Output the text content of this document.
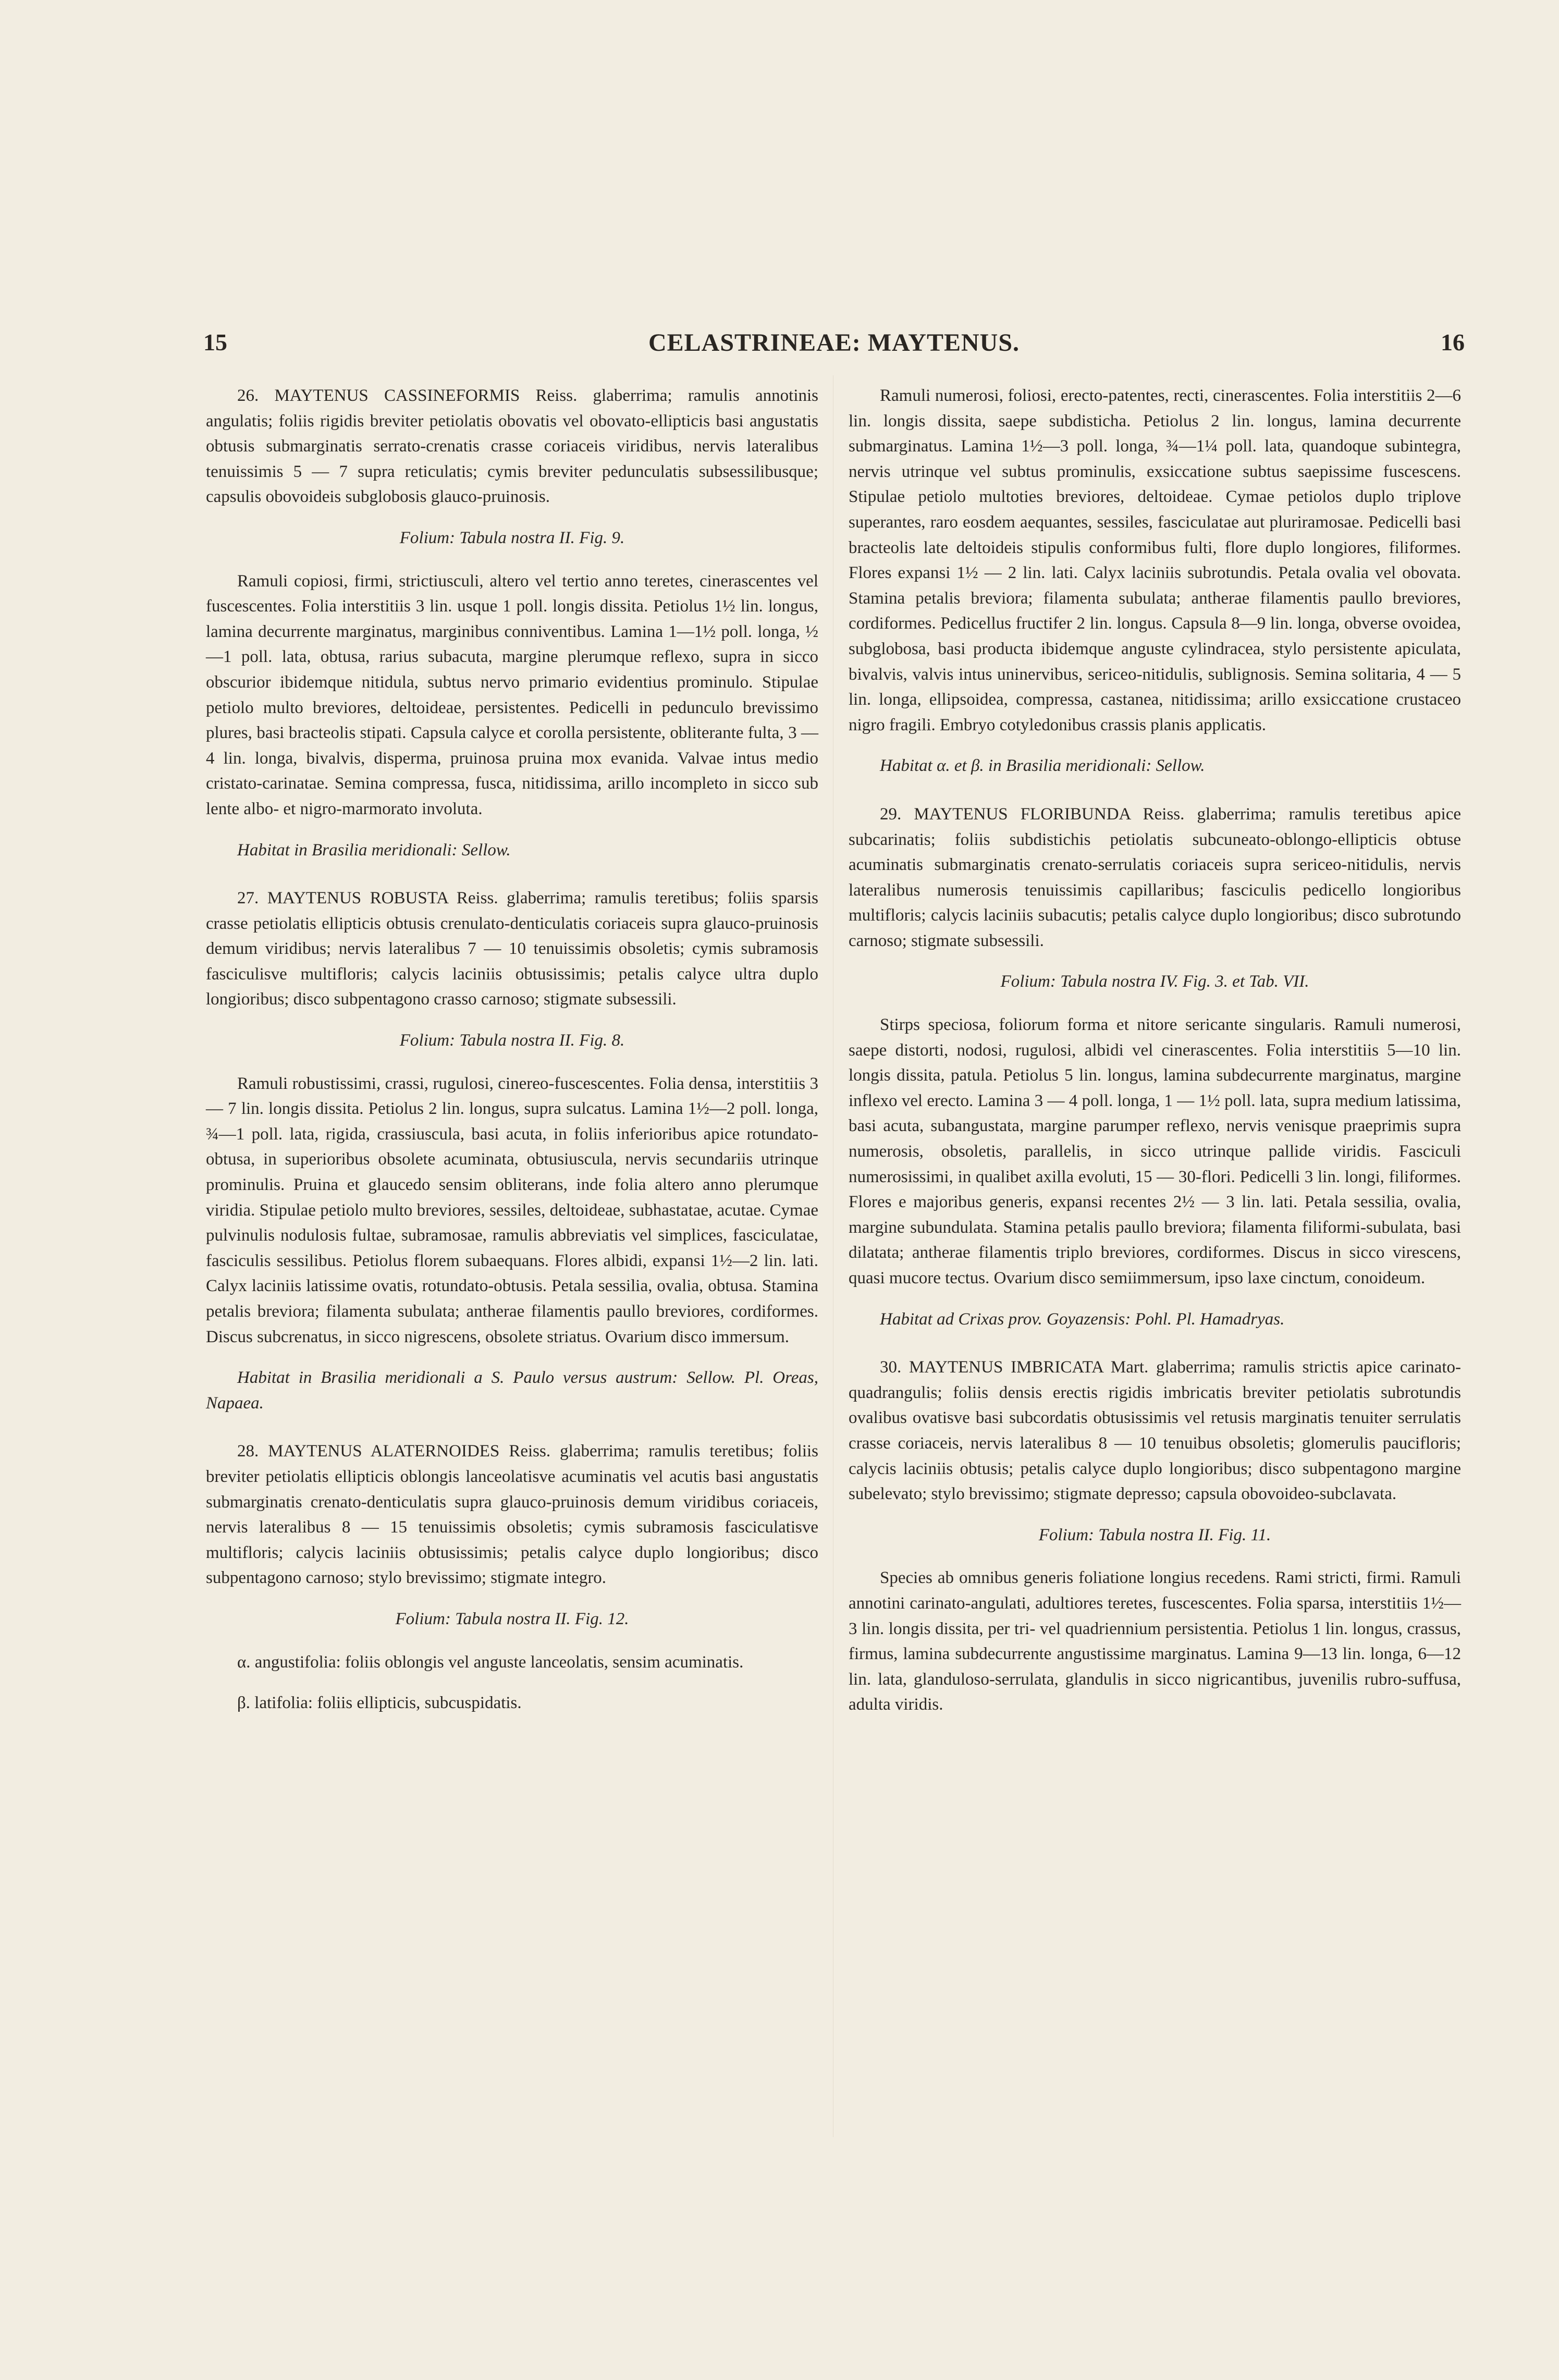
15	CELASTRINEAE: MAYTENUS.	16

26. MAYTENUS CASSINEFORMIS Reiss. glaberrima; ramulis annotinis angulatis; foliis rigidis breviter petiolatis obovatis vel obovato-ellipticis basi angustatis obtusis submarginatis serrato-crenatis crasse coriaceis viridibus, nervis lateralibus tenuissimis 5 — 7 supra reticulatis; cymis breviter pedunculatis subsessilibusque; capsulis obovoideis subglobosis glauco-pruinosis.

Folium: Tabula nostra II. Fig. 9.

Ramuli copiosi, firmi, strictiusculi, altero vel tertio anno teretes, cinerascentes vel fuscescentes. Folia interstitiis 3 lin. usque 1 poll. longis dissita. Petiolus 1½ lin. longus, lamina decurrente marginatus, marginibus conniventibus. Lamina 1—1½ poll. longa, ½—1 poll. lata, obtusa, rarius subacuta, margine plerumque reflexo, supra in sicco obscurior ibidemque nitidula, subtus nervo primario evidentius prominulo. Stipulae petiolo multo breviores, deltoideae, persistentes. Pedicelli in pedunculo brevissimo plures, basi bracteolis stipati. Capsula calyce et corolla persistente, obliterante fulta, 3 — 4 lin. longa, bivalvis, disperma, pruinosa pruina mox evanida. Valvae intus medio cristato-carinatae. Semina compressa, fusca, nitidissima, arillo incompleto in sicco sub lente albo- et nigro-marmorato involuta.

Habitat in Brasilia meridionali: Sellow.

27. MAYTENUS ROBUSTA Reiss. glaberrima; ramulis teretibus; foliis sparsis crasse petiolatis ellipticis obtusis crenulato-denticulatis coriaceis supra glauco-pruinosis demum viridibus; nervis lateralibus 7 — 10 tenuissimis obsoletis; cymis subramosis fasciculisve multifloris; calycis laciniis obtusissimis; petalis calyce ultra duplo longioribus; disco subpentagono crasso carnoso; stigmate subsessili.

Folium: Tabula nostra II. Fig. 8.

Ramuli robustissimi, crassi, rugulosi, cinereo-fuscescentes. Folia densa, interstitiis 3 — 7 lin. longis dissita. Petiolus 2 lin. longus, supra sulcatus. Lamina 1½—2 poll. longa, ¾—1 poll. lata, rigida, crassiuscula, basi acuta, in foliis inferioribus apice rotundato-obtusa, in superioribus obsolete acuminata, obtusiuscula, nervis secundariis utrinque prominulis. Pruina et glaucedo sensim obliterans, inde folia altero anno plerumque viridia. Stipulae petiolo multo breviores, sessiles, deltoideae, subhastatae, acutae. Cymae pulvinulis nodulosis fultae, subramosae, ramulis abbreviatis vel simplices, fasciculatae, fasciculis sessilibus. Petiolus florem subaequans. Flores albidi, expansi 1½—2 lin. lati. Calyx laciniis latissime ovatis, rotundato-obtusis. Petala sessilia, ovalia, obtusa. Stamina petalis breviora; filamenta subulata; antherae filamentis paullo breviores, cordiformes. Discus subcrenatus, in sicco nigrescens, obsolete striatus. Ovarium disco immersum.

Habitat in Brasilia meridionali a S. Paulo versus austrum: Sellow. Pl. Oreas, Napaea.

28. MAYTENUS ALATERNOIDES Reiss. glaberrima; ramulis teretibus; foliis breviter petiolatis ellipticis oblongis lanceolatisve acuminatis vel acutis basi angustatis submarginatis crenato-denticulatis supra glauco-pruinosis demum viridibus coriaceis, nervis lateralibus 8 — 15 tenuissimis obsoletis; cymis subramosis fasciculatisve multifloris; calycis laciniis obtusissimis; petalis calyce duplo longioribus; disco subpentagono carnoso; stylo brevissimo; stigmate integro.

Folium: Tabula nostra II. Fig. 12.

α. angustifolia: foliis oblongis vel anguste lanceolatis, sensim acuminatis.

β. latifolia: foliis ellipticis, subcuspidatis.

Ramuli numerosi, foliosi, erecto-patentes, recti, cinerascentes. Folia interstitiis 2—6 lin. longis dissita, saepe subdisticha. Petiolus 2 lin. longus, lamina decurrente submarginatus. Lamina 1½—3 poll. longa, ¾—1¼ poll. lata, quandoque subintegra, nervis utrinque vel subtus prominulis, exsiccatione subtus saepissime fuscescens. Stipulae petiolo multoties breviores, deltoideae. Cymae petiolos duplo triplove superantes, raro eosdem aequantes, sessiles, fasciculatae aut pluriramosae. Pedicelli basi bracteolis late deltoideis stipulis conformibus fulti, flore duplo longiores, filiformes. Flores expansi 1½ — 2 lin. lati. Calyx laciniis subrotundis. Petala ovalia vel obovata. Stamina petalis breviora; filamenta subulata; antherae filamentis paullo breviores, cordiformes. Pedicellus fructifer 2 lin. longus. Capsula 8—9 lin. longa, obverse ovoidea, subglobosa, basi producta ibidemque anguste cylindracea, stylo persistente apiculata, bivalvis, valvis intus uninervibus, sericeo-nitidulis, sublignosis. Semina solitaria, 4 — 5 lin. longa, ellipsoidea, compressa, castanea, nitidissima; arillo exsiccatione crustaceo nigro fragili. Embryo cotyledonibus crassis planis applicatis.

Habitat α. et β. in Brasilia meridionali: Sellow.

29. MAYTENUS FLORIBUNDA Reiss. glaberrima; ramulis teretibus apice subcarinatis; foliis subdistichis petiolatis subcuneato-oblongo-ellipticis obtuse acuminatis submarginatis crenato-serrulatis coriaceis supra sericeo-nitidulis, nervis lateralibus numerosis tenuissimis capillaribus; fasciculis pedicello longioribus multifloris; calycis laciniis subacutis; petalis calyce duplo longioribus; disco subrotundo carnoso; stigmate subsessili.

Folium: Tabula nostra IV. Fig. 3. et Tab. VII.

Stirps speciosa, foliorum forma et nitore sericante singularis. Ramuli numerosi, saepe distorti, nodosi, rugulosi, albidi vel cinerascentes. Folia interstitiis 5—10 lin. longis dissita, patula. Petiolus 5 lin. longus, lamina subdecurrente marginatus, margine inflexo vel erecto. Lamina 3 — 4 poll. longa, 1 — 1½ poll. lata, supra medium latissima, basi acuta, subangustata, margine parumper reflexo, nervis venisque praeprimis supra numerosis, obsoletis, parallelis, in sicco utrinque pallide viridis. Fasciculi numerosissimi, in qualibet axilla evoluti, 15 — 30-flori. Pedicelli 3 lin. longi, filiformes. Flores e majoribus generis, expansi recentes 2½ — 3 lin. lati. Petala sessilia, ovalia, margine subundulata. Stamina petalis paullo breviora; filamenta filiformi-subulata, basi dilatata; antherae filamentis triplo breviores, cordiformes. Discus in sicco virescens, quasi mucore tectus. Ovarium disco semiimmersum, ipso laxe cinctum, conoideum.

Habitat ad Crixas prov. Goyazensis: Pohl. Pl. Hamadryas.

30. MAYTENUS IMBRICATA Mart. glaberrima; ramulis strictis apice carinato-quadrangulis; foliis densis erectis rigidis imbricatis breviter petiolatis subrotundis ovalibus ovatisve basi subcordatis obtusissimis vel retusis marginatis tenuiter serrulatis crasse coriaceis, nervis lateralibus 8 — 10 tenuibus obsoletis; glomerulis paucifloris; calycis laciniis obtusis; petalis calyce duplo longioribus; disco subpentagono margine subelevato; stylo brevissimo; stigmate depresso; capsula obovoideo-subclavata.

Folium: Tabula nostra II. Fig. 11.

Species ab omnibus generis foliatione longius recedens. Rami stricti, firmi. Ramuli annotini carinato-angulati, adultiores teretes, fuscescentes. Folia sparsa, interstitiis 1½—3 lin. longis dissita, per tri- vel quadriennium persistentia. Petiolus 1 lin. longus, crassus, firmus, lamina subdecurrente angustissime marginatus. Lamina 9—13 lin. longa, 6—12 lin. lata, glanduloso-serrulata, glandulis in sicco nigricantibus, juvenilis rubro-suffusa, adulta viridis.
